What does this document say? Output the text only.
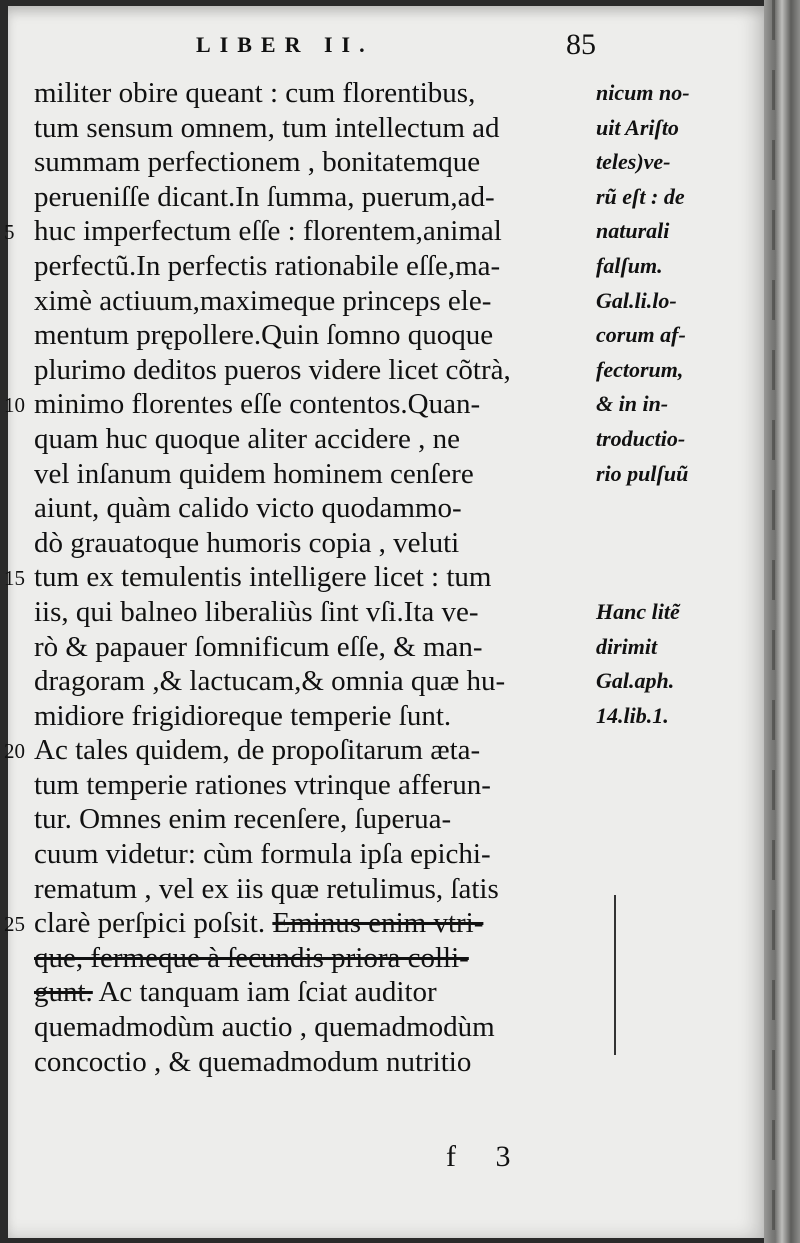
LIBER II.	85
5
10
15
20
25
militer obire queant : cum florentibus,
tum sensum omnem, tum intellectum ad
summam perfectionem , bonitatemque
perueniſſe dicant.In ſumma, puerum,ad-
huc imperfectum eſſe : florentem,animal
perfectũ.In perfectis rationabile eſſe,ma-
ximè actiuum,maximeque princeps ele-
mentum prępollere.Quin ſomno quoque
plurimo deditos pueros videre licet cõtrà,
minimo florentes eſſe contentos.Quan-
quam huc quoque aliter accidere , ne
vel inſanum quidem hominem cenſere
aiunt, quàm calido victo quodammo-
dò grauatoque humoris copia , veluti
tum ex temulentis intelligere licet : tum
iis, qui balneo liberaliùs ſint vſi.Ita ve-
rò & papauer ſomnificum eſſe, & man-
dragoram ,& lactucam,& omnia quæ hu-
midiore frigidioreque temperie ſunt.
Ac tales quidem, de propoſitarum æta-
tum temperie rationes vtrinque afferun-
tur. Omnes enim recenſere, ſuperua-
cuum videtur: cùm formula ipſa epichi-
rematum , vel ex iis quæ retulimus, ſatis
clarè perſpici poſsit. Eminus enim vtri-
que, fermeque à ſecundis priora colli-
gunt. Ac tanquam iam ſciat auditor
quemadmodùm auctio , quemadmodùm
concoctio , & quemadmodum nutritio
nicum no-
uit Ariſto
teles)ve-
rũ eſt : de
naturali
falſum.
Gal.li.lo-
corum af-
fectorum,
& in in-
troductio-
rio pulſuũ
Hanc litẽ
dirimit
Gal.aph.
14.lib.1.
f 3
